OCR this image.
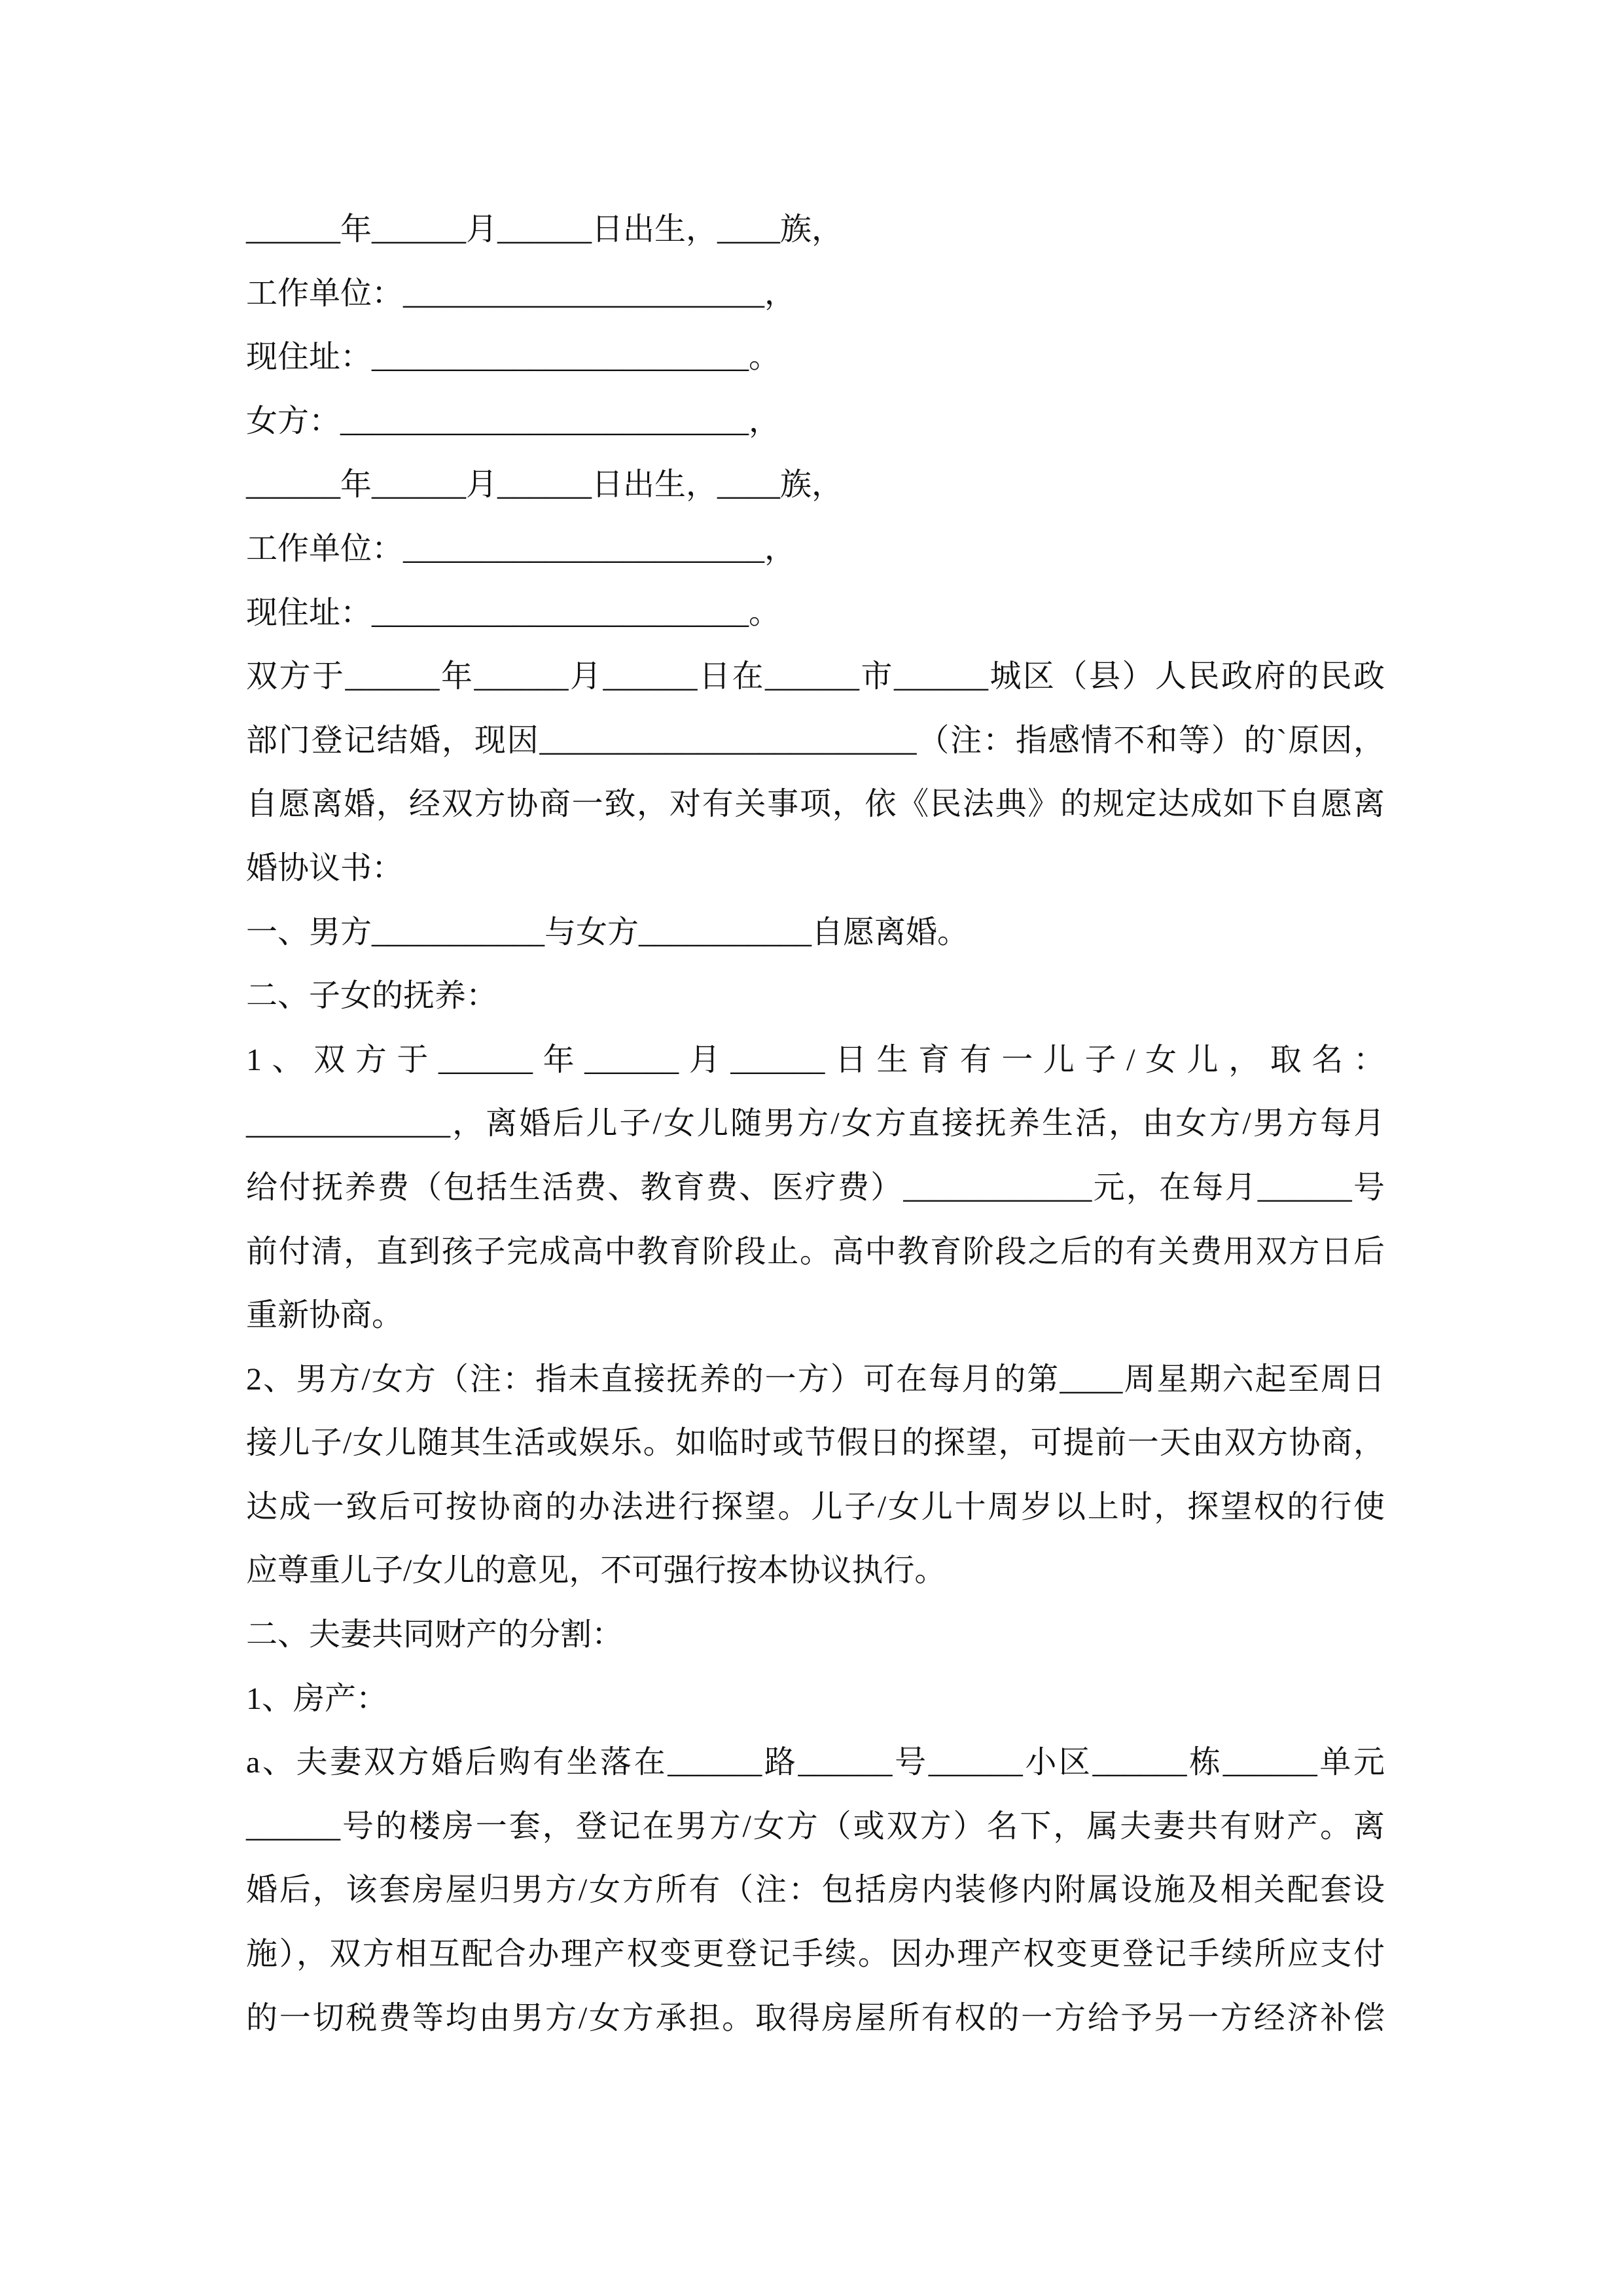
______年______月______日出生，____族，
工作单位：_______________________，
现住址：________________________。
女方：__________________________，
______年______月______日出生，____族，
工作单位：_______________________，
现住址：________________________。
双方于______年______月______日在______市______城区（县）人民政府的民政
部门登记结婚，现因________________________（注：指感情不和等）的`原因，
自愿离婚，经双方协商一致，对有关事项，依《民法典》的规定达成如下自愿离
婚协议书：
一、男方___________与女方___________自愿离婚。
二、子女的抚养：
1、双方于______年______月______日生育有一儿子/女儿，取名：
_____________，离婚后儿子/女儿随男方/女方直接抚养生活，由女方/男方每月
给付抚养费（包括生活费、教育费、医疗费）____________元，在每月______号
前付清，直到孩子完成高中教育阶段止。高中教育阶段之后的有关费用双方日后
重新协商。
2、男方/女方（注：指未直接抚养的一方）可在每月的第____周星期六起至周日
接儿子/女儿随其生活或娱乐。如临时或节假日的探望，可提前一天由双方协商，
达成一致后可按协商的办法进行探望。儿子/女儿十周岁以上时，探望权的行使
应尊重儿子/女儿的意见，不可强行按本协议执行。
二、夫妻共同财产的分割：
1、房产：
a、夫妻双方婚后购有坐落在______路______号______小区______栋______单元
______号的楼房一套，登记在男方/女方（或双方）名下，属夫妻共有财产。离
婚后，该套房屋归男方/女方所有（注：包括房内装修内附属设施及相关配套设
施），双方相互配合办理产权变更登记手续。因办理产权变更登记手续所应支付
的一切税费等均由男方/女方承担。取得房屋所有权的一方给予另一方经济补偿
